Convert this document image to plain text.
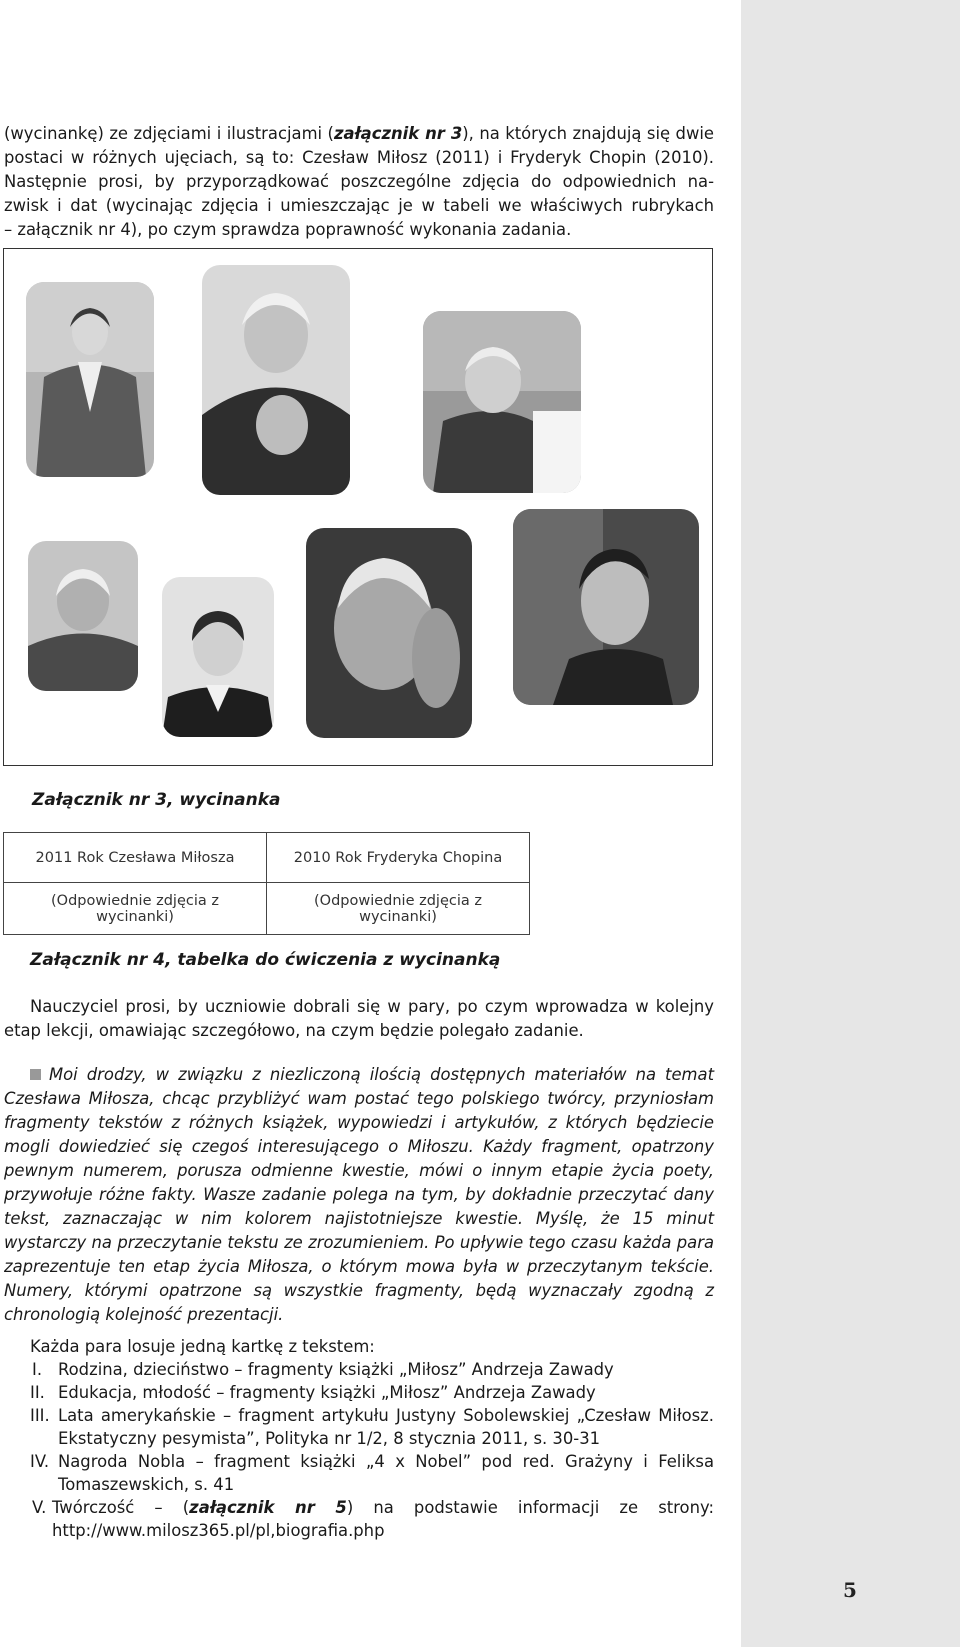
(wycinankę) ze zdjęciami i ilustracjami (załącznik nr 3), na których znajdują się dwie
postaci w różnych ujęciach, są to: Czesław Miłosz (2011) i Fryderyk Chopin (2010).
Następnie prosi, by przyporządkować poszczególne zdjęcia do odpowiednich na-
zwisk i dat (wycinając zdjęcia i umieszczając je w tabeli we właściwych rubrykach
– załącznik nr 4), po czym sprawdza poprawność wykonania zadania.
Załącznik nr 3, wycinanka
2011 Rok Czesława Miłosza	2010 Rok Fryderyka Chopina
(Odpowiednie zdjęcia z wycinanki)	(Odpowiednie zdjęcia z wycinanki)
Załącznik nr 4, tabelka do ćwiczenia z wycinanką
Nauczyciel prosi, by uczniowie dobrali się w pary, po czym wprowadza w kolejny etap lekcji, omawiając szczegółowo, na czym będzie polegało zadanie.
Moi drodzy, w związku z niezliczoną ilością dostępnych materiałów na temat Czesława Miłosza, chcąc przybliżyć wam postać tego polskiego twórcy, przyniosłam fragmenty tekstów z różnych książek, wypowiedzi i artykułów, z których będziecie mogli dowiedzieć się czegoś interesującego o Miłoszu. Każdy fragment, opatrzony pewnym numerem, porusza odmienne kwestie, mówi o innym etapie życia poety, przywołuje różne fakty. Wasze zadanie polega na tym, by dokładnie przeczytać dany tekst, zaznaczając w nim kolorem najistotniejsze kwestie. Myślę, że 15 minut wystarczy na przeczytanie tekstu ze zrozumieniem. Po upływie tego czasu każda para zaprezentuje ten etap życia Miłosza, o którym mowa była w przeczytanym tekście. Numery, którymi opatrzone są wszystkie fragmenty, będą wyznaczały zgodną z chronologią kolejność prezentacji.
Każda para losuje jedną kartkę z tekstem:
I. Rodzina, dzieciństwo – fragmenty książki „Miłosz” Andrzeja Zawady
II. Edukacja, młodość – fragmenty książki „Miłosz” Andrzeja Zawady
III. Lata amerykańskie – fragment artykułu Justyny Sobolewskiej „Czesław Miłosz. Ekstatyczny pesymista”, Polityka nr 1/2, 8 stycznia 2011, s. 30-31
IV. Nagroda Nobla – fragment książki „4 x Nobel” pod red. Grażyny i Feliksa Tomaszewskich, s. 41
V. Twórczość – (załącznik nr 5) na podstawie informacji ze strony: http://www.milosz365.pl/pl,biografia.php
5
